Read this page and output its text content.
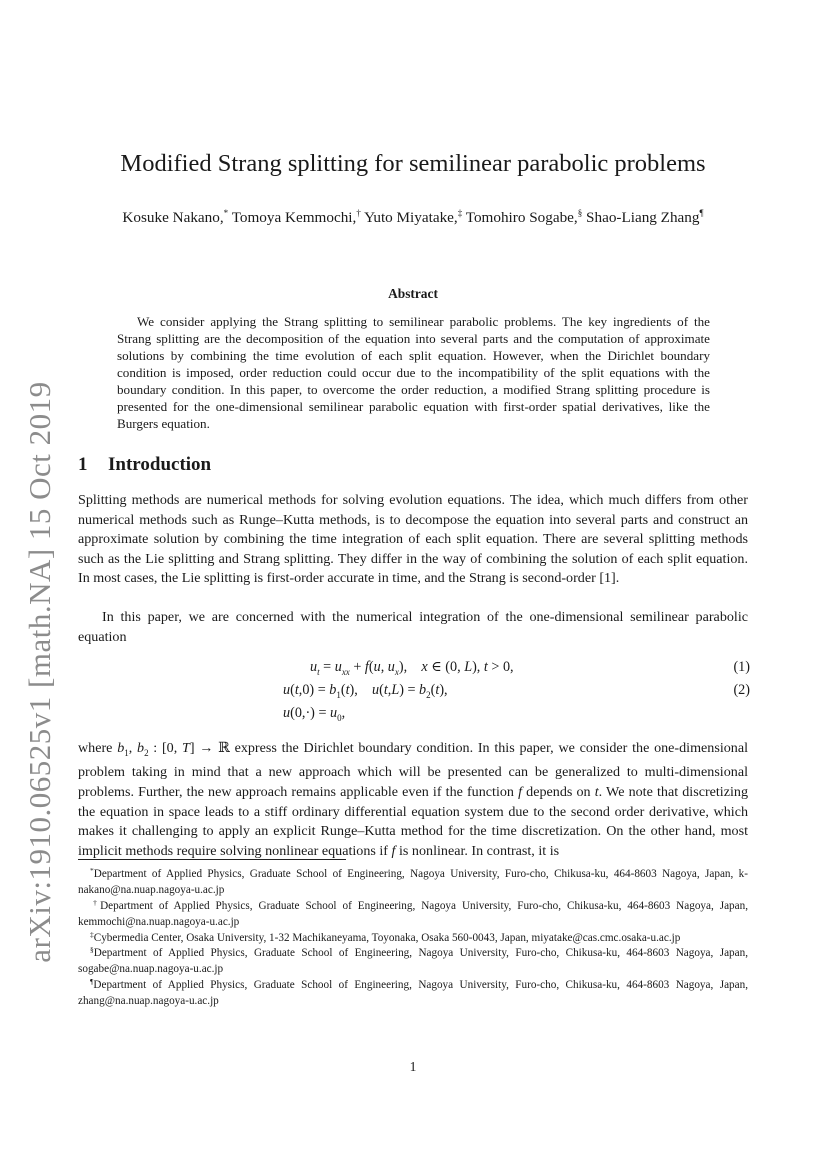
arXiv:1910.06525v1 [math.NA] 15 Oct 2019
Modified Strang splitting for semilinear parabolic problems
Kosuke Nakano,* Tomoya Kemmochi,† Yuto Miyatake,‡ Tomohiro Sogabe,§ Shao-Liang Zhang¶
Abstract
We consider applying the Strang splitting to semilinear parabolic problems. The key ingredients of the Strang splitting are the decomposition of the equation into several parts and the computation of approximate solutions by combining the time evolution of each split equation. However, when the Dirichlet boundary condition is imposed, order reduction could occur due to the incompatibility of the split equations with the boundary condition. In this paper, to overcome the order reduction, a modified Strang splitting procedure is presented for the one-dimensional semilinear parabolic equation with first-order spatial derivatives, like the Burgers equation.
1 Introduction
Splitting methods are numerical methods for solving evolution equations. The idea, which much differs from other numerical methods such as Runge–Kutta methods, is to decompose the equation into several parts and construct an approximate solution by combining the time integration of each split equation. There are several splitting methods such as the Lie splitting and Strang splitting. They differ in the way of combining the solution of each split equation. In most cases, the Lie splitting is first-order accurate in time, and the Strang is second-order [1].
In this paper, we are concerned with the numerical integration of the one-dimensional semilinear parabolic equation
$u_t = u_{xx} + f(u$, $u_x$),    x ∈ (0, L), t > 0,	(1)
$u(t,0) = b_1(t)$,    $u(t,L) = b_2(t)$,	(2)
$u(0,\cdot) = u_0$,
where $b_1$, $b_2$ : [0, T] → ℝ express the Dirichlet boundary condition. In this paper, we consider the one-dimensional problem taking in mind that a new approach which will be presented can be generalized to multi-dimensional problems. Further, the new approach remains applicable even if the function f depends on t. We note that discretizing the equation in space leads to a stiff ordinary differential equation system due to the second order derivative, which makes it challenging to apply an explicit Runge–Kutta method for the time discretization. On the other hand, most implicit methods require solving nonlinear equations if f is nonlinear. In contrast, it is
*Department of Applied Physics, Graduate School of Engineering, Nagoya University, Furo-cho, Chikusa-ku, 464-8603 Nagoya, Japan, k-nakano@na.nuap.nagoya-u.ac.jp
†Department of Applied Physics, Graduate School of Engineering, Nagoya University, Furo-cho, Chikusa-ku, 464-8603 Nagoya, Japan, kemmochi@na.nuap.nagoya-u.ac.jp
‡Cybermedia Center, Osaka University, 1-32 Machikaneyama, Toyonaka, Osaka 560-0043, Japan, miyatake@cas.cmc.osaka-u.ac.jp
§Department of Applied Physics, Graduate School of Engineering, Nagoya University, Furo-cho, Chikusa-ku, 464-8603 Nagoya, Japan, sogabe@na.nuap.nagoya-u.ac.jp
¶Department of Applied Physics, Graduate School of Engineering, Nagoya University, Furo-cho, Chikusa-ku, 464-8603 Nagoya, Japan, zhang@na.nuap.nagoya-u.ac.jp
1
